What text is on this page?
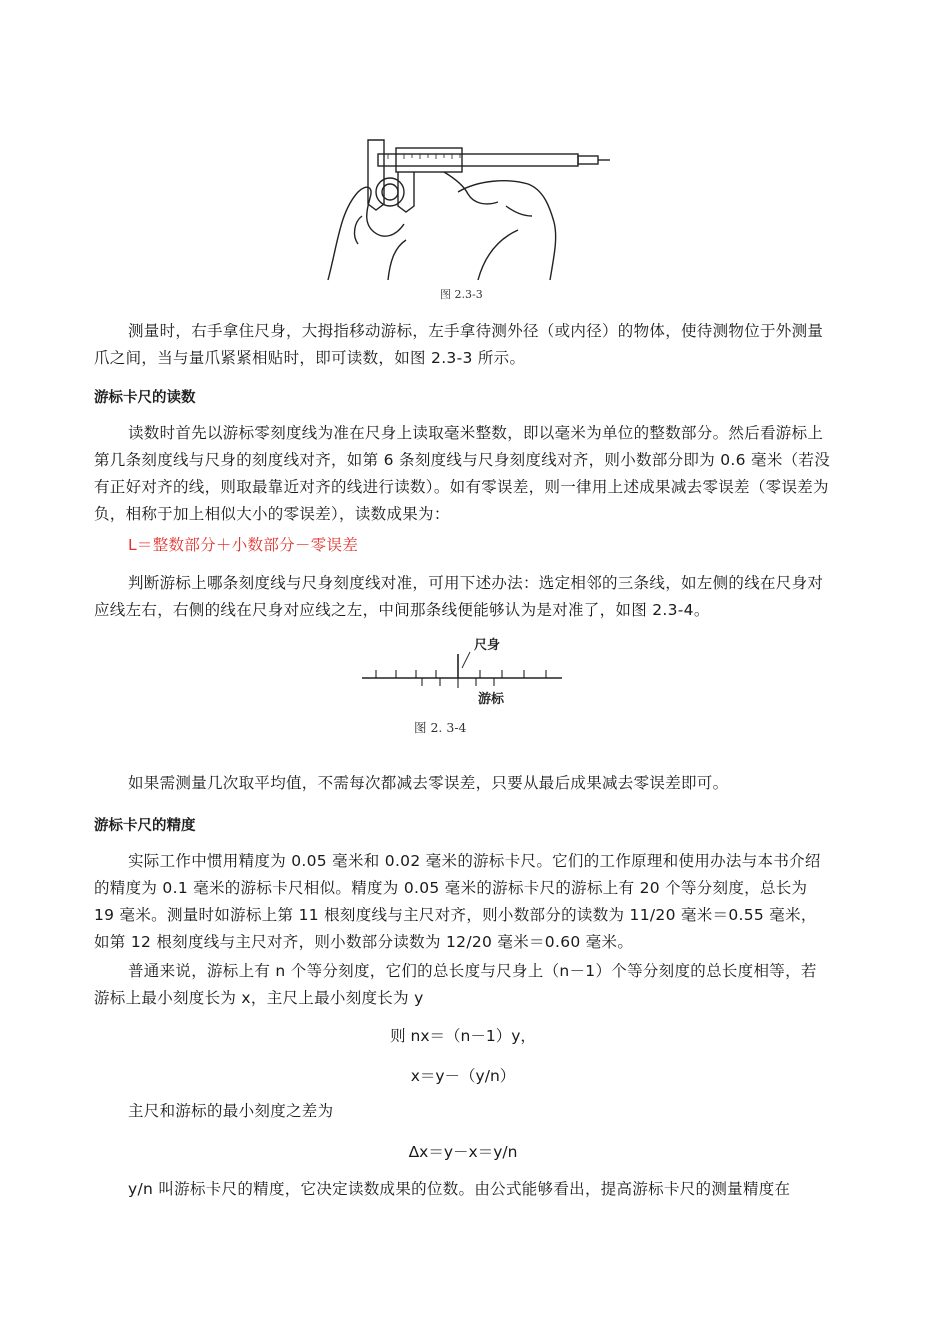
图 2.3-3

测量时，右手拿住尺身，大拇指移动游标，左手拿待测外径（或内径）的物体，使待测物位于外测量爪之间，当与量爪紧紧相贴时，即可读数，如图 2.3-3 所示。

游标卡尺的读数

读数时首先以游标零刻度线为准在尺身上读取毫米整数，即以毫米为单位的整数部分。然后看游标上第几条刻度线与尺身的刻度线对齐，如第 6 条刻度线与尺身刻度线对齐，则小数部分即为 0.6 毫米（若没有正好对齐的线，则取最靠近对齐的线进行读数）。如有零误差，则一律用上述成果减去零误差（零误差为负，相称于加上相似大小的零误差），读数成果为：

L＝整数部分＋小数部分－零误差

判断游标上哪条刻度线与尺身刻度线对准，可用下述办法：选定相邻的三条线，如左侧的线在尺身对应线左右，右侧的线在尺身对应线之左，中间那条线便能够认为是对准了，如图 2.3-4。

尺身
游标
图 2. 3-4

如果需测量几次取平均值，不需每次都减去零误差，只要从最后成果减去零误差即可。

游标卡尺的精度

实际工作中惯用精度为 0.05 毫米和 0.02 毫米的游标卡尺。它们的工作原理和使用办法与本书介绍的精度为 0.1 毫米的游标卡尺相似。精度为 0.05 毫米的游标卡尺的游标上有 20 个等分刻度，总长为 19 毫米。测量时如游标上第 11 根刻度线与主尺对齐，则小数部分的读数为 11/20 毫米＝0.55 毫米，如第 12 根刻度线与主尺对齐，则小数部分读数为 12/20 毫米＝0.60 毫米。

普通来说，游标上有 n 个等分刻度，它们的总长度与尺身上（n－1）个等分刻度的总长度相等，若游标上最小刻度长为 x，主尺上最小刻度长为 y

则 nx＝（n－1）y，

x＝y－（y/n）

主尺和游标的最小刻度之差为

Δx＝y－x＝y/n

y/n 叫游标卡尺的精度，它决定读数成果的位数。由公式能够看出，提高游标卡尺的测量精度在
